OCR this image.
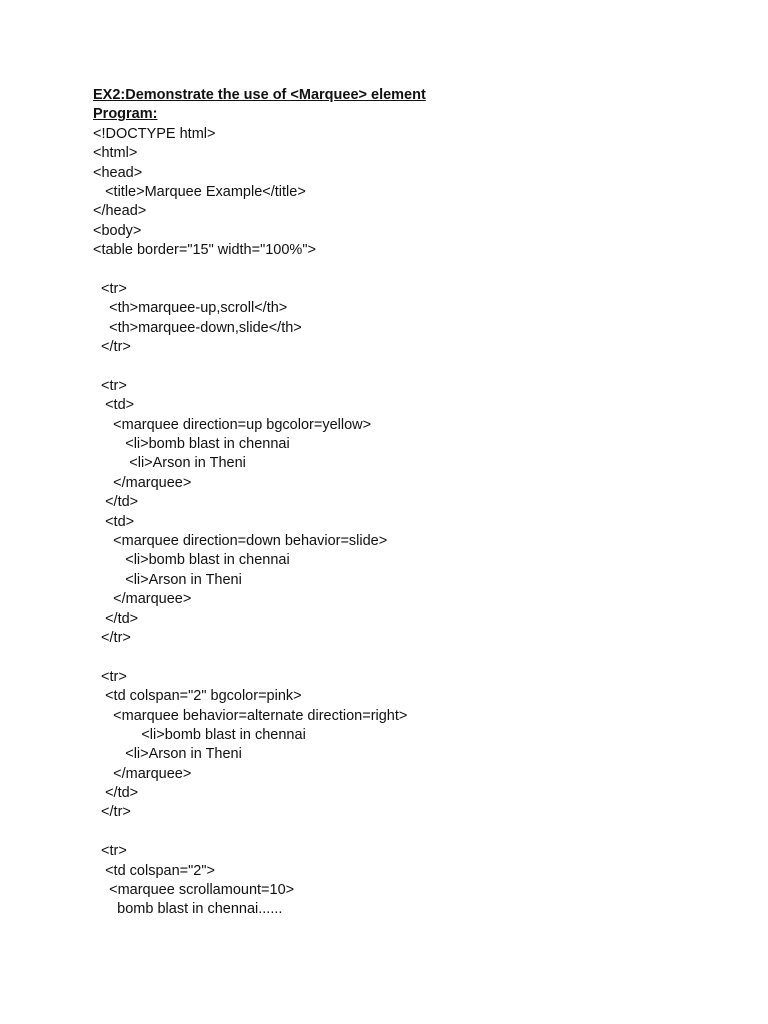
EX2:Demonstrate the use of <Marquee> element
Program:
<!DOCTYPE html>
<html>
<head>
<title>Marquee Example</title>
</head>
<body>
<table border="15" width="100%">
<tr>
<th>marquee-up,scroll</th>
<th>marquee-down,slide</th>
</tr>
<tr>
<td>
<marquee direction=up bgcolor=yellow>
<li>bomb blast in chennai
<li>Arson in Theni
</marquee>
</td>
<td>
<marquee direction=down behavior=slide>
<li>bomb blast in chennai
<li>Arson in Theni
</marquee>
</td>
</tr>
<tr>
<td colspan="2" bgcolor=pink>
<marquee behavior=alternate direction=right>
<li>bomb blast in chennai
<li>Arson in Theni
</marquee>
</td>
</tr>
<tr>
<td colspan="2">
<marquee scrollamount=10>
bomb blast in chennai......
